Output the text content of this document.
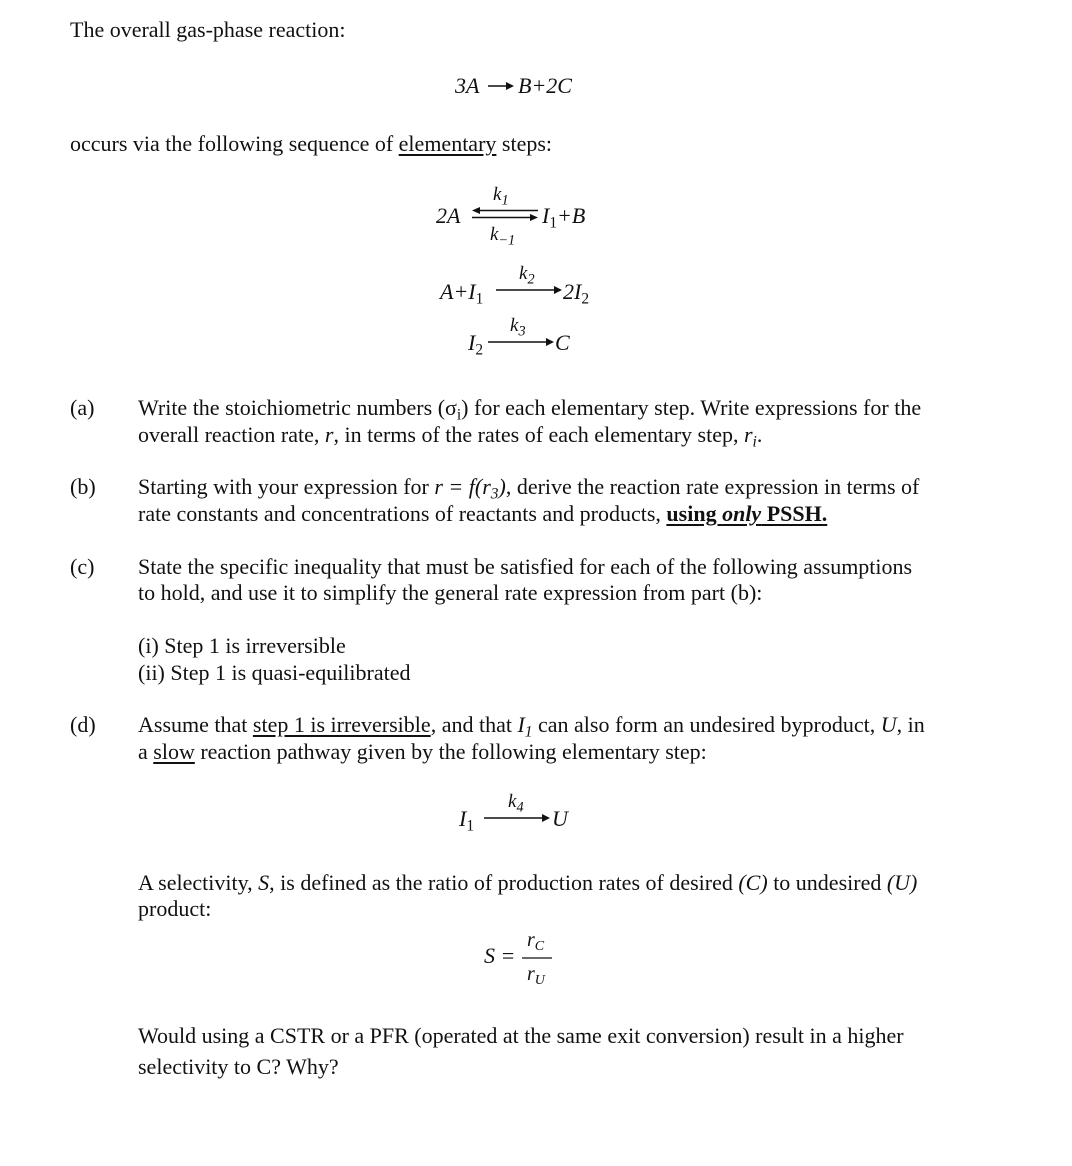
The overall gas-phase reaction:
3A B+2C
occurs via the following sequence of elementary steps:
2A
$k_1$
$k_{-1}$
$I_1+B$
$A+I_1$
$k_2$ $2I_2$
$I_2$
$k_3$ C
(a) Write the stoichiometric numbers $(\sigma_i)$ for each elementary step. Write expressions for the
overall reaction rate, r, in terms of the rates of each elementary step, $r_i$.
(b) Starting with your expression for $r = f(r_3)$, derive the reaction rate expression in terms of
rate constants and concentrations of reactants and products, using only PSSH.
(c) State the specific inequality that must be satisfied for each of the following assumptions
to hold, and use it to simplify the general rate expression from part (b):
(i) Step 1 is irreversible
(ii) Step 1 is quasi-equilibrated
(d) Assume that step 1 is irreversible, and that $I_1$ can also form an undesired byproduct, U, in
a slow reaction pathway given by the following elementary step:
$I_1$
$k_4$ U
A selectivity, S, is defined as the ratio of production rates of desired (C) to undesired (U)
product:
S =
$r_C$
$r_U$
Would using a CSTR or a PFR (operated at the same exit conversion) result in a higher
selectivity to C? Why?
